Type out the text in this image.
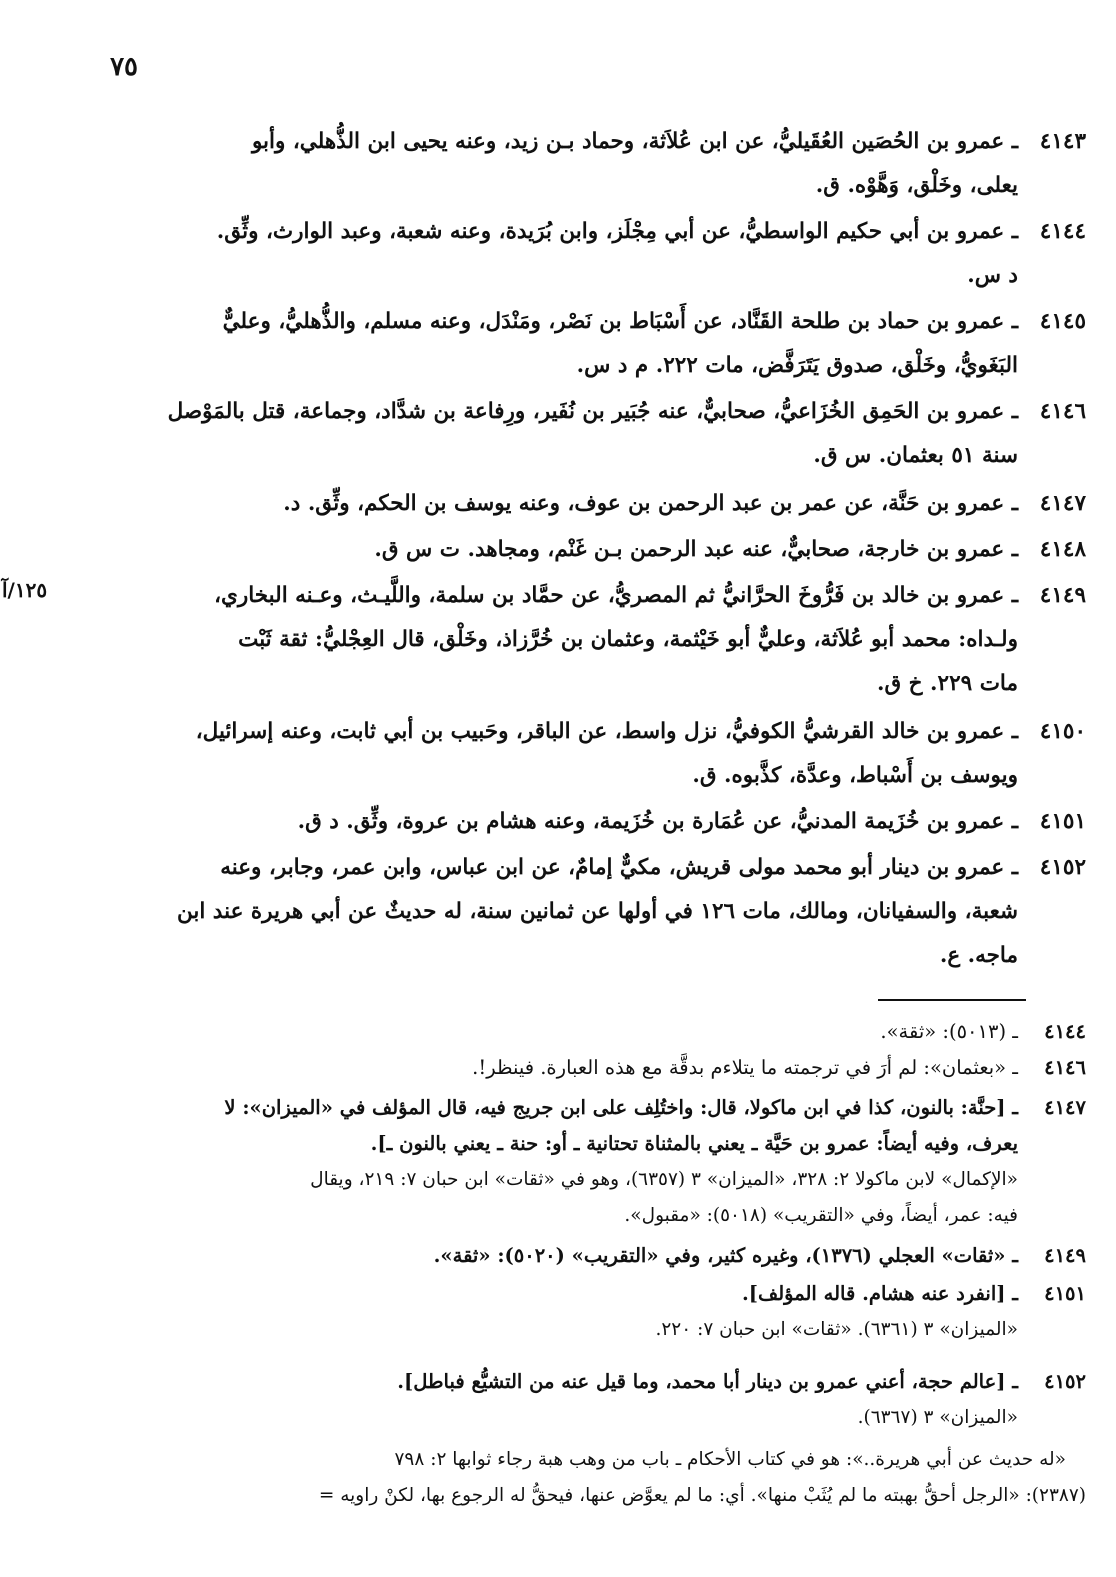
٧٥
٤١٤٣ـ عمرو بن الحُصَين العُقَيليُّ، عن ابن عُلاَثة، وحماد بـن زيد، وعنه يحيى ابن الذُّهلي، وأبو
يعلى، وخَلْق، وَهَّوْه. ق.
٤١٤٤ـ عمرو بن أبي حكيم الواسطيُّ، عن أبي مِجْلَز، وابن بُرَيدة، وعنه شعبة، وعبد الوارث، وثِّق.
د س.
٤١٤٥ـ عمرو بن حماد بن طلحة القَنَّاد، عن أَسْبَاط بن نَصْر، ومَنْدَل، وعنه مسلم، والذُّهليُّ، وعليٌّ
البَغَويُّ، وخَلْق، صدوق يَتَرَفَّض، مات ٢٢٢. م د س.
٤١٤٦ـ عمرو بن الحَمِق الخُزَاعيُّ، صحابيٌّ، عنه جُبَير بن نُفَير، ورِفاعة بن شدَّاد، وجماعة، قتل بالمَوْصل
سنة ٥١ بعثمان. س ق.
٤١٤٧ـ عمرو بن حَنَّة، عن عمر بن عبد الرحمن بن عوف، وعنه يوسف بن الحكم، وثِّق. د.
٤١٤٨ـ عمرو بن خارجة، صحابيٌّ، عنه عبد الرحمن بـن غَنْم، ومجاهد. ت س ق.
١٢٥/آ	٤١٤٩ـ عمرو بن خالد بن فَرُّوخَ الحرَّانيُّ ثم المصريُّ، عن حمَّاد بن سلمة، واللَّيـث، وعـنه البخاري،
ولـداه: محمد أبو عُلاَثة، وعليٌّ أبو خَيْثمة، وعثمان بن خُرَّزاذ، وخَلْق، قال العِجْليُّ: ثقة ثَبْت
مات ٢٢٩. خ ق.
٤١٥٠ـ عمرو بن خالد القرشيُّ الكوفيُّ، نزل واسط، عن الباقر، وحَبيب بن أبي ثابت، وعنه إسرائيل،
ويوسف بن أَسْباط، وعدَّة، كذَّبوه. ق.
٤١٥١ـ عمرو بن خُزَيمة المدنيُّ، عن عُمَارة بن خُزَيمة، وعنه هشام بن عروة، وثِّق. د ق.
٤١٥٢ـ عمرو بن دينار أبو محمد مولى قريش، مكيٌّ إمامٌ، عن ابن عباس، وابن عمر، وجابر، وعنه
شعبة، والسفيانان، ومالك، مات ١٢٦ في أولها عن ثمانين سنة، له حديثٌ عن أبي هريرة عند ابن
ماجه. ع.
٤١٤٤ـ (٥٠١٣): «ثقة».
٤١٤٦ـ «بعثمان»: لم أرَ في ترجمته ما يتلاءم بدقَّة مع هذه العبارة. فينظر!.
٤١٤٧ـ [حنَّة: بالنون، كذا في ابن ماكولا، قال: واختُلِف على ابن جريج فيه، قال المؤلف في «الميزان»: لا
يعرف، وفيه أيضاً: عمرو بن حَيَّة ـ يعني بالمثناة تحتانية ـ أو: حنة ـ يعني بالنون ـ].
«الإكمال» لابن ماكولا ٢: ٣٢٨، «الميزان» ٣ (٦٣٥٧)، وهو في «ثقات» ابن حبان ٧: ٢١٩، ويقال
فيه: عمر، أيضاً، وفي «التقريب» (٥٠١٨): «مقبول».
٤١٤٩ـ «ثقات» العجلي (١٣٧٦)، وغيره كثير، وفي «التقريب» (٥٠٢٠): «ثقة».
٤١٥١ـ [انفرد عنه هشام. قاله المؤلف].
«الميزان» ٣ (٦٣٦١). «ثقات» ابن حبان ٧: ٢٢٠.
٤١٥٢ـ [عالم حجة، أعني عمرو بن دينار أبا محمد، وما قيل عنه من التشيُّع فباطل].
«الميزان» ٣ (٦٣٦٧).
«له حديث عن أبي هريرة..»: هو في كتاب الأحكام ـ باب من وهب هبة رجاء ثوابها ٢: ٧٩٨
(٢٣٨٧): «الرجل أحقُّ بهبته ما لم يُثَبْ منها». أي: ما لم يعوَّض عنها، فيحقُّ له الرجوع بها، لكنْ راويه =
